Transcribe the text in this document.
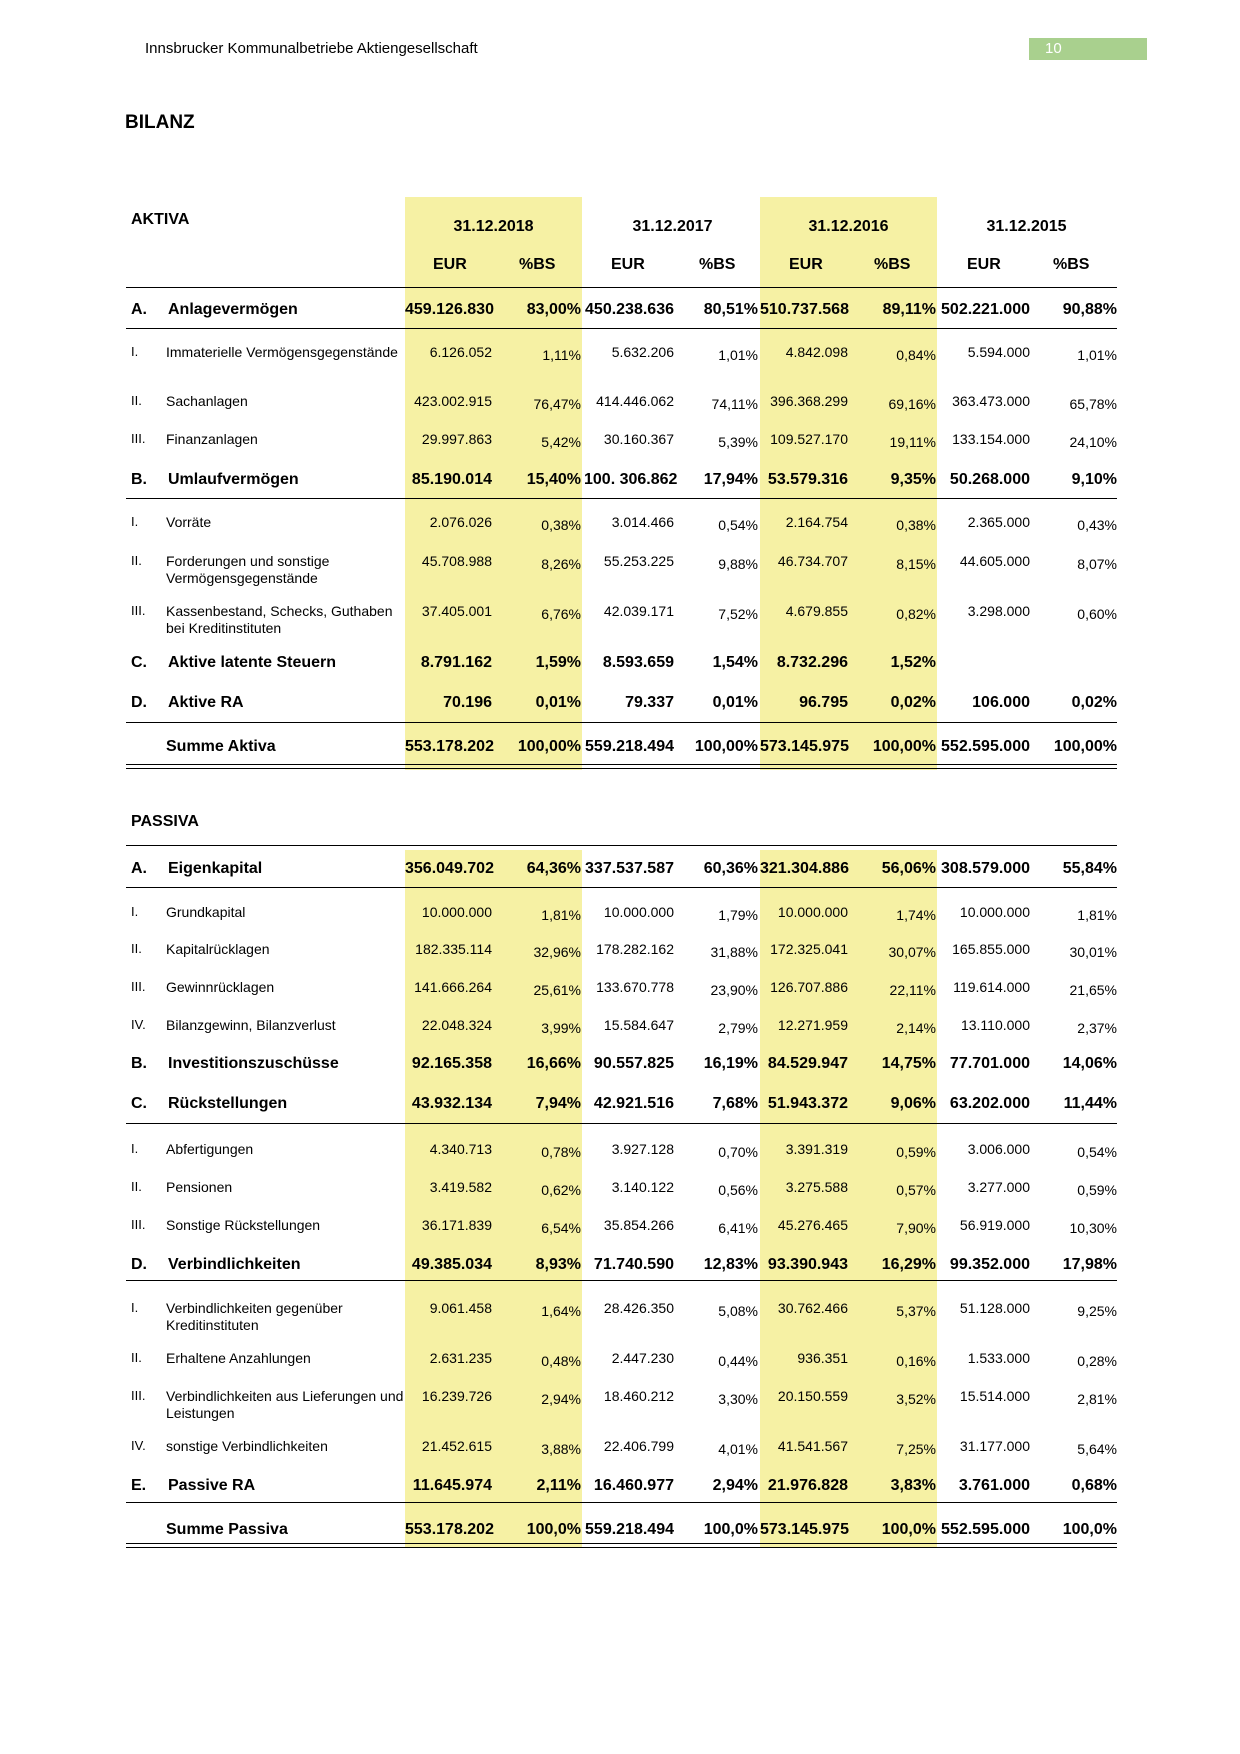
Innsbrucker Kommunalbetriebe Aktiengesellschaft	10
BILANZ
AKTIVA
PASSIVA
31.12.2018	31.12.2017	31.12.2016	31.12.2015
EUR	%BS	EUR	%BS	EUR	%BS	EUR	%BS
A. Anlagevermögen	459.126.830	83,00% 450.238.636	80,51% 510.737.568	89,11% 502.221.000	90,88%
I. Immaterielle Vermögensgegenstände	6.126.052	1,11%	5.632.206	1,01%	4.842.098	0,84%	5.594.000	1,01%
II. Sachanlagen	423.002.915	76,47%	414.446.062	74,11% 396.368.299	69,16%	363.473.000	65,78%
III. Finanzanlagen	29.997.863	5,42%	30.160.367	5,39% 109.527.170	19,11%	133.154.000	24,10%
B. Umlaufvermögen	85.190.014	15,40% 100. 306.862	17,94% 53.579.316	9,35% 50.268.000	9,10%
I. Vorräte	2.076.026	0,38%	3.014.466	0,54%	2.164.754	0,38%	2.365.000	0,43%
II. Forderungen und sonstige Vermögensgegenstände
45.708.988	8,26%	55.253.225	9,88%	46.734.707	8,15%	44.605.000	8,07%
III. Kassenbestand, Schecks, Guthaben bei Kreditinstituten
37.405.001	6,76%	42.039.171	7,52%	4.679.855	0,82%	3.298.000	0,60%
C. Aktive latente Steuern	8.791.162	1,59%	8.593.659	1,54%	8.732.296	1,52%
D. Aktive RA	70.196	0,01%	79.337	0,01%	96.795	0,02%	106.000	0,02%
Summe Aktiva	553.178.202	100,00% 559.218.494	100,00% 573.145.975	100,00% 552.595.000	100,00%
A. Eigenkapital	356.049.702	64,36% 337.537.587	60,36% 321.304.886	56,06% 308.579.000	55,84%
I. Grundkapital	10.000.000	1,81%	10.000.000	1,79%	10.000.000	1,74%	10.000.000	1,81%
II. Kapitalrücklagen	182.335.114	32,96%	178.282.162	31,88% 172.325.041	30,07%	165.855.000	30,01%
III. Gewinnrücklagen	141.666.264	25,61%	133.670.778	23,90% 126.707.886	22,11%	119.614.000	21,65%
IV. Bilanzgewinn, Bilanzverlust	22.048.324	3,99%	15.584.647	2,79%	12.271.959	2,14%	13.110.000	2,37%
B. Investitionszuschüsse	92.165.358	16,66% 90.557.825	16,19% 84.529.947	14,75% 77.701.000	14,06%
C. Rückstellungen	43.932.134	7,94% 42.921.516	7,68% 51.943.372	9,06% 63.202.000	11,44%
I. Abfertigungen	4.340.713	0,78%	3.927.128	0,70%	3.391.319	0,59%	3.006.000	0,54%
II. Pensionen	3.419.582	0,62%	3.140.122	0,56%	3.275.588	0,57%	3.277.000	0,59%
III. Sonstige Rückstellungen	36.171.839	6,54%	35.854.266	6,41%	45.276.465	7,90%	56.919.000	10,30%
D. Verbindlichkeiten	49.385.034	8,93% 71.740.590	12,83% 93.390.943	16,29% 99.352.000	17,98%
I. Verbindlichkeiten gegenüber Kreditinstituten
9.061.458	1,64%	28.426.350	5,08%	30.762.466	5,37%	51.128.000	9,25%
II. Erhaltene Anzahlungen	2.631.235	0,48%	2.447.230	0,44%	936.351	0,16%	1.533.000	0,28%
III. Verbindlichkeiten aus Lieferungen und Leistungen
16.239.726	2,94%	18.460.212	3,30%	20.150.559	3,52%	15.514.000	2,81%
IV. sonstige Verbindlichkeiten	21.452.615	3,88%	22.406.799	4,01%	41.541.567	7,25%	31.177.000	5,64%
E. Passive RA	11.645.974	2,11% 16.460.977	2,94% 21.976.828	3,83%	3.761.000	0,68%
Summe Passiva	553.178.202	100,0% 559.218.494	100,0% 573.145.975	100,0% 552.595.000	100,0%
